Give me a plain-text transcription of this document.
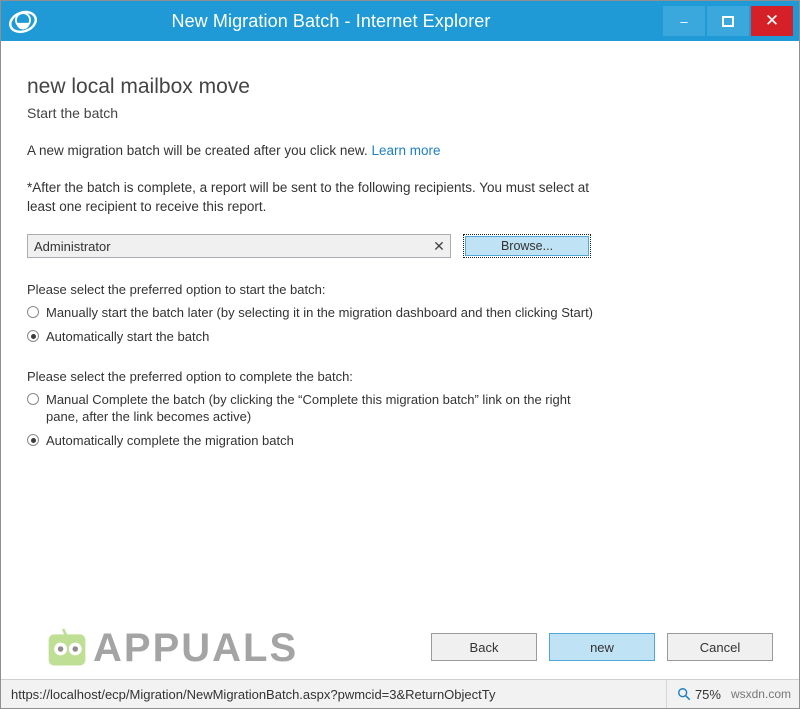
New Migration Batch - Internet Explorer	–	✕
new local mailbox move
Start the batch
A new migration batch will be created after you click new. Learn more
*After the batch is complete, a report will be sent to the following recipients. You must select at least one recipient to receive this report.
Administrator	✕	Browse...
Please select the preferred option to start the batch:
Manually start the batch later (by selecting it in the migration dashboard and then clicking Start)
Automatically start the batch
Please select the preferred option to complete the batch:
Manual Complete the batch (by clicking the “Complete this migration batch” link on the right pane, after the link becomes active)
Automatically complete the migration batch
APPUALS	Back	new	Cancel
https://localhost/ecp/Migration/NewMigrationBatch.aspx?pwmcid=3&ReturnObjectTy	75% wsxdn.com
